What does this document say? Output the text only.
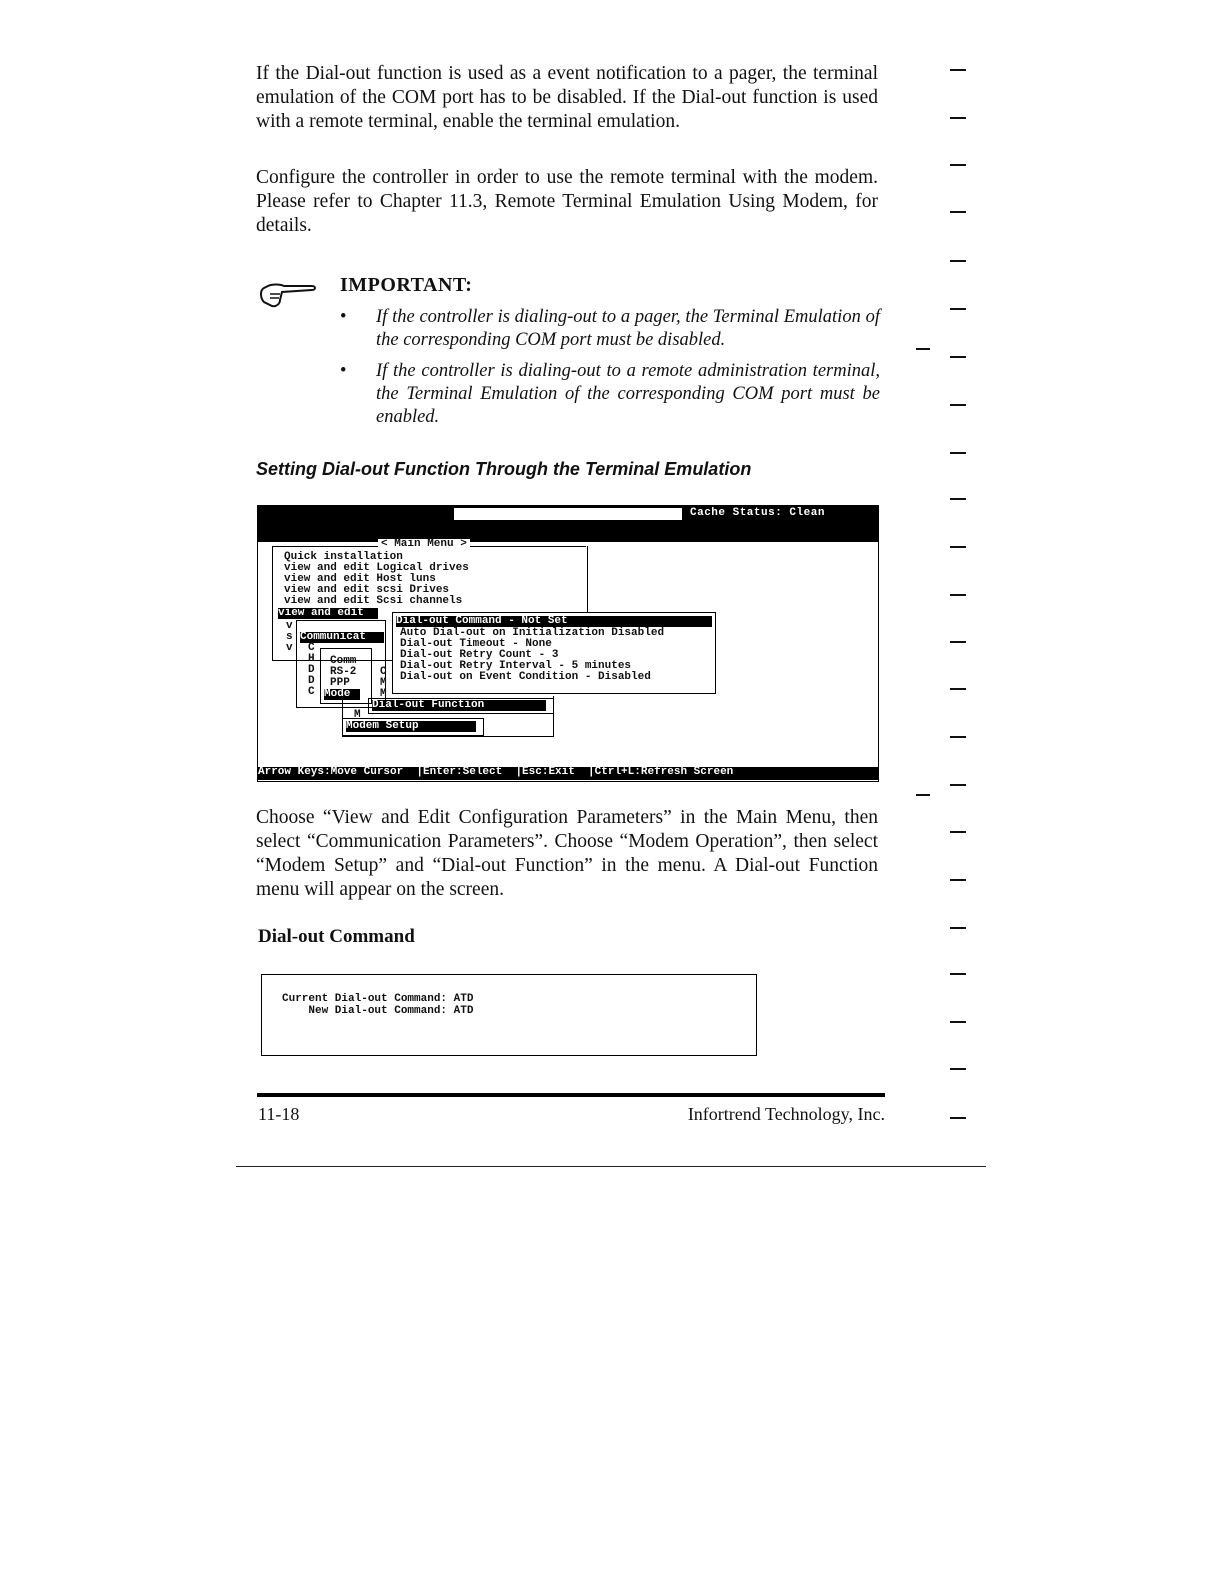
If the Dial-out function is used as a event notification to a pager, the terminal emulation of the COM port has to be disabled. If the Dial-out function is used with a remote terminal, enable the terminal emulation.

Configure the controller in order to use the remote terminal with the modem. Please refer to Chapter 11.3, Remote Terminal Emulation Using Modem, for details.

IMPORTANT:
• If the controller is dialing-out to a pager, the Terminal Emulation of the corresponding COM port must be disabled.
• If the controller is dialing-out to a remote administration terminal, the Terminal Emulation of the corresponding COM port must be enabled.
Setting Dial-out Function Through the Terminal Emulation
Cache Status: Clean
< Main Menu >
Quick installation
view and edit Logical drives
view and edit Host luns
view and edit scsi Drives
view and edit Scsi channels
view and edit
v
s
v
Communicat
C
H
D
D
C
Comm
RS-2
PPP
Mode
C
M
M
M
Dial-out Command - Not Set
Auto Dial-out on Initialization Disabled
Dial-out Timeout - None
Dial-out Retry Count - 3
Dial-out Retry Interval - 5 minutes
Dial-out on Event Condition - Disabled
Dial-out Function
Modem Setup
Arrow Keys:Move Cursor  |Enter:Select  |Esc:Exit  |Ctrl+L:Refresh Screen

Choose “View and Edit Configuration Parameters” in the Main Menu, then select “Communication Parameters”. Choose “Modem Operation”, then select “Modem Setup” and “Dial-out Function” in the menu. A Dial-out Function menu will appear on the screen.

Dial-out Command
Current Dial-out Command: ATD
New Dial-out Command: ATD
11-18	Infortrend Technology, Inc.
